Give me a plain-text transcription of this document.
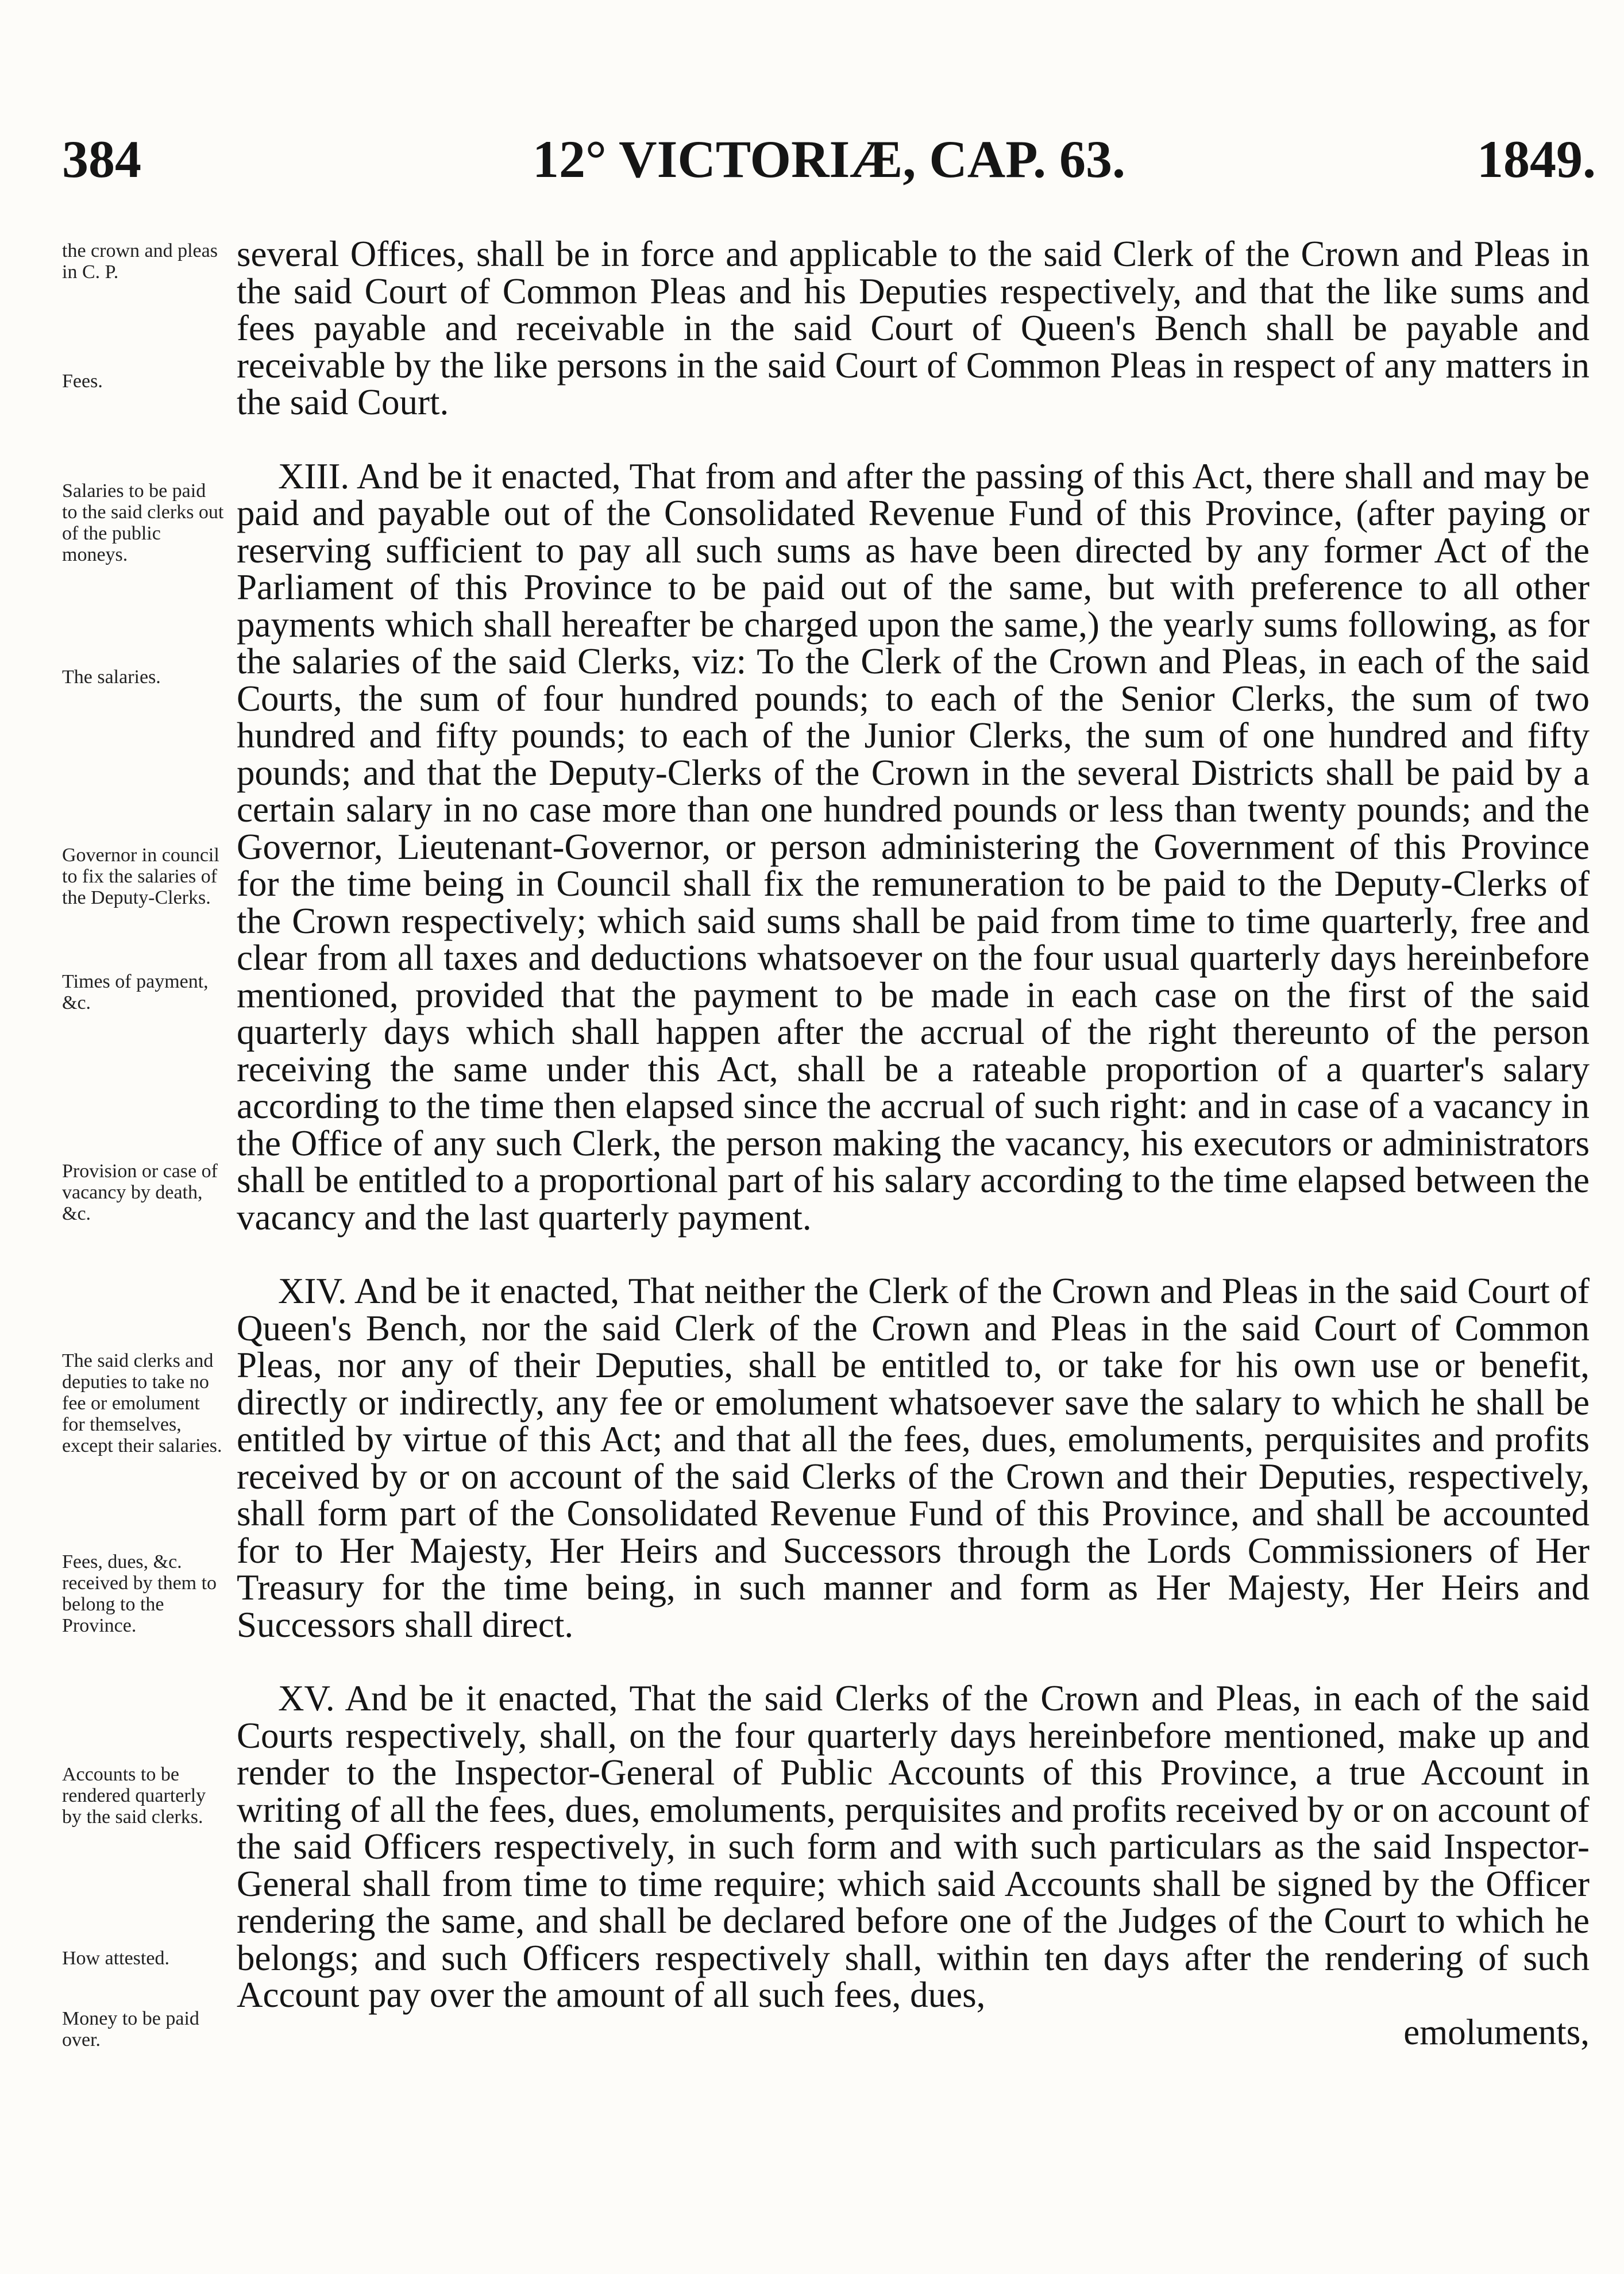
384	12° VICTORIÆ, CAP. 63.	1849.
the crown and pleas in C. P.
Fees.
Salaries to be paid to the said clerks out of the public moneys.
The salaries.
Governor in council to fix the salaries of the Deputy-Clerks.
Times of payment, &c.
Provision or case of vacancy by death, &c.
The said clerks and deputies to take no fee or emolument for themselves, except their salaries.
Fees, dues, &c. received by them to belong to the Province.
Accounts to be rendered quarterly by the said clerks.
How attested.
Money to be paid over.

several Offices, shall be in force and applicable to the said Clerk of the Crown and Pleas in the said Court of Common Pleas and his Deputies respectively, and that the like sums and fees payable and receivable in the said Court of Queen's Bench shall be payable and receivable by the like persons in the said Court of Common Pleas in respect of any matters in the said Court.

XIII. And be it enacted, That from and after the passing of this Act, there shall and may be paid and payable out of the Consolidated Revenue Fund of this Province, (after paying or reserving sufficient to pay all such sums as have been directed by any former Act of the Parliament of this Province to be paid out of the same, but with preference to all other payments which shall hereafter be charged upon the same,) the yearly sums following, as for the salaries of the said Clerks, viz: To the Clerk of the Crown and Pleas, in each of the said Courts, the sum of four hundred pounds; to each of the Senior Clerks, the sum of two hundred and fifty pounds; to each of the Junior Clerks, the sum of one hundred and fifty pounds; and that the Deputy-Clerks of the Crown in the several Districts shall be paid by a certain salary in no case more than one hundred pounds or less than twenty pounds; and the Governor, Lieutenant-Governor, or person administering the Government of this Province for the time being in Council shall fix the remuneration to be paid to the Deputy-Clerks of the Crown respectively; which said sums shall be paid from time to time quarterly, free and clear from all taxes and deductions whatsoever on the four usual quarterly days hereinbefore mentioned, provided that the payment to be made in each case on the first of the said quarterly days which shall happen after the accrual of the right thereunto of the person receiving the same under this Act, shall be a rateable proportion of a quarter's salary according to the time then elapsed since the accrual of such right: and in case of a vacancy in the Office of any such Clerk, the person making the vacancy, his executors or administrators shall be entitled to a proportional part of his salary according to the time elapsed between the vacancy and the last quarterly payment.

XIV. And be it enacted, That neither the Clerk of the Crown and Pleas in the said Court of Queen's Bench, nor the said Clerk of the Crown and Pleas in the said Court of Common Pleas, nor any of their Deputies, shall be entitled to, or take for his own use or benefit, directly or indirectly, any fee or emolument whatsoever save the salary to which he shall be entitled by virtue of this Act; and that all the fees, dues, emoluments, perquisites and profits received by or on account of the said Clerks of the Crown and their Deputies, respectively, shall form part of the Consolidated Revenue Fund of this Province, and shall be accounted for to Her Majesty, Her Heirs and Successors through the Lords Commissioners of Her Treasury for the time being, in such manner and form as Her Majesty, Her Heirs and Successors shall direct.

XV. And be it enacted, That the said Clerks of the Crown and Pleas, in each of the said Courts respectively, shall, on the four quarterly days hereinbefore mentioned, make up and render to the Inspector-General of Public Accounts of this Province, a true Account in writing of all the fees, dues, emoluments, perquisites and profits received by or on account of the said Officers respectively, in such form and with such particulars as the said Inspector-General shall from time to time require; which said Accounts shall be signed by the Officer rendering the same, and shall be declared before one of the Judges of the Court to which he belongs; and such Officers respectively shall, within ten days after the rendering of such Account pay over the amount of all such fees, dues,
emoluments,
